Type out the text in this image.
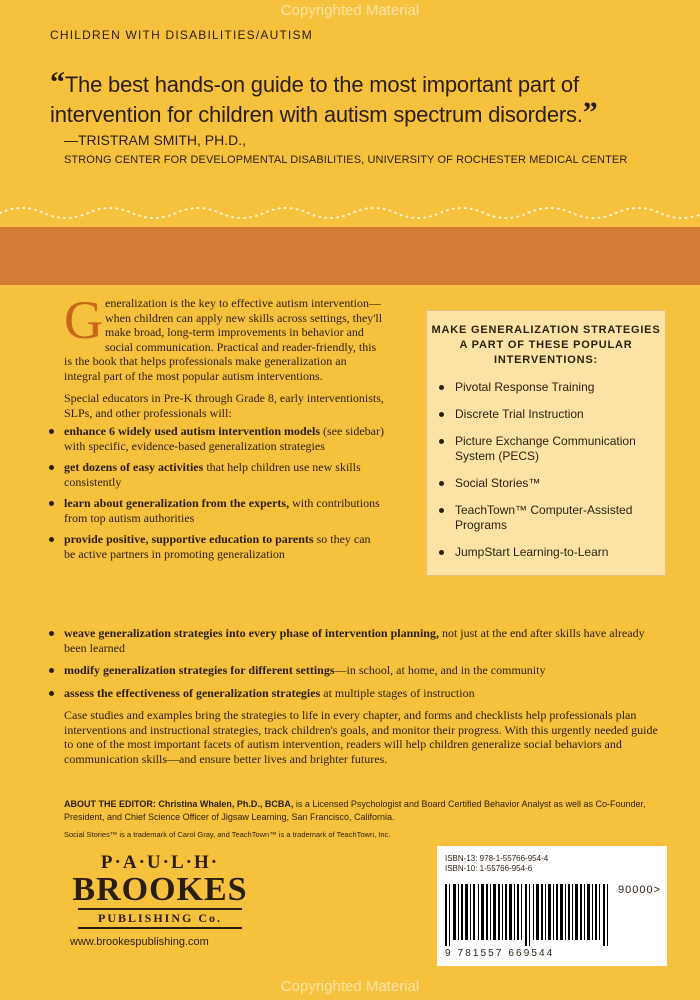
Copyrighted Material
CHILDREN WITH DISABILITIES/AUTISM
“The best hands-on guide to the most important part of intervention for children with autism spectrum disorders.”
—TRISTRAM SMITH, PH.D.,
STRONG CENTER FOR DEVELOPMENTAL DISABILITIES, UNIVERSITY OF ROCHESTER MEDICAL CENTER

Generalization is the key to effective autism intervention—when children can apply new skills across settings, they'll make broad, long-term improvements in behavior and social communication. Practical and reader-friendly, this is the book that helps professionals make generalization an integral part of the most popular autism interventions.

Special educators in Pre-K through Grade 8, early interventionists, SLPs, and other professionals will:

enhance 6 widely used autism intervention models (see sidebar) with specific, evidence-based generalization strategies
get dozens of easy activities that help children use new skills consistently
learn about generalization from the experts, with contributions from top autism authorities
provide positive, supportive education to parents so they can be active partners in promoting generalization
MAKE GENERALIZATION STRATEGIES A PART OF THESE POPULAR INTERVENTIONS:
Pivotal Response Training
Discrete Trial Instruction
Picture Exchange Communication System (PECS)
Social Stories™
TeachTown™ Computer-Assisted Programs
JumpStart Learning-to-Learn
weave generalization strategies into every phase of intervention planning, not just at the end after skills have already been learned
modify generalization strategies for different settings—in school, at home, and in the community
assess the effectiveness of generalization strategies at multiple stages of instruction

Case studies and examples bring the strategies to life in every chapter, and forms and checklists help professionals plan interventions and instructional strategies, track children's goals, and monitor their progress. With this urgently needed guide to one of the most important facets of autism intervention, readers will help children generalize social behaviors and communication skills—and ensure better lives and brighter futures.

ABOUT THE EDITOR: Christina Whalen, Ph.D., BCBA, is a Licensed Psychologist and Board Certified Behavior Analyst as well as Co-Founder, President, and Chief Science Officer of Jigsaw Learning, San Francisco, California.

Social Stories™ is a trademark of Carol Gray, and TeachTown™ is a trademark of TeachTown, Inc.

P·A·U·L·H·
BROOKES
PUBLISHING Co.
www.brookespublishing.com
ISBN-13: 978-1-55766-954-4
ISBN-10: 1-55766-954-6
90000>
9 781557 669544
Copyrighted Material
